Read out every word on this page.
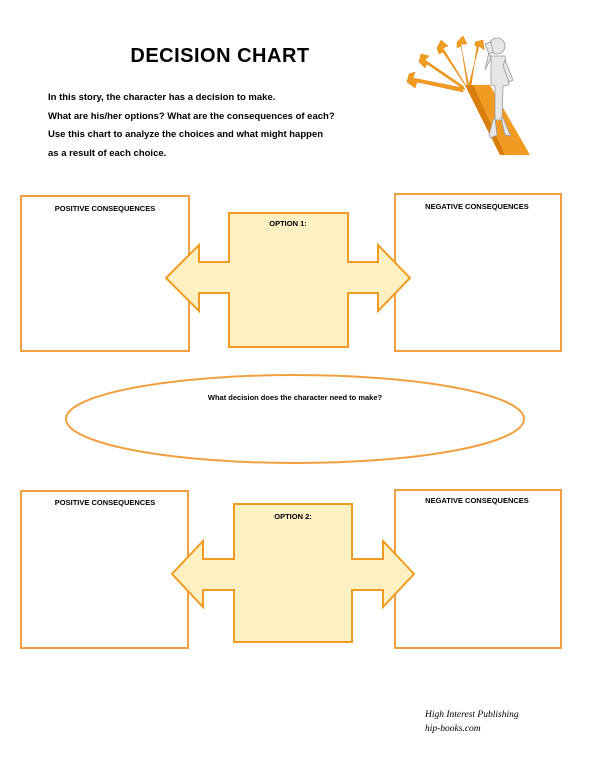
DECISION CHART
In this story, the character has a decision to make.
What are his/her options? What are the consequences of each?
Use this chart to analyze the choices and what might happen
as a result of each choice.
POSITIVE CONSEQUENCES
OPTION 1:
NEGATIVE CONSEQUENCES
What decision does the character need to make?
POSITIVE CONSEQUENCES
OPTION 2:
NEGATIVE CONSEQUENCES
High Interest Publishing
hip-books.com
